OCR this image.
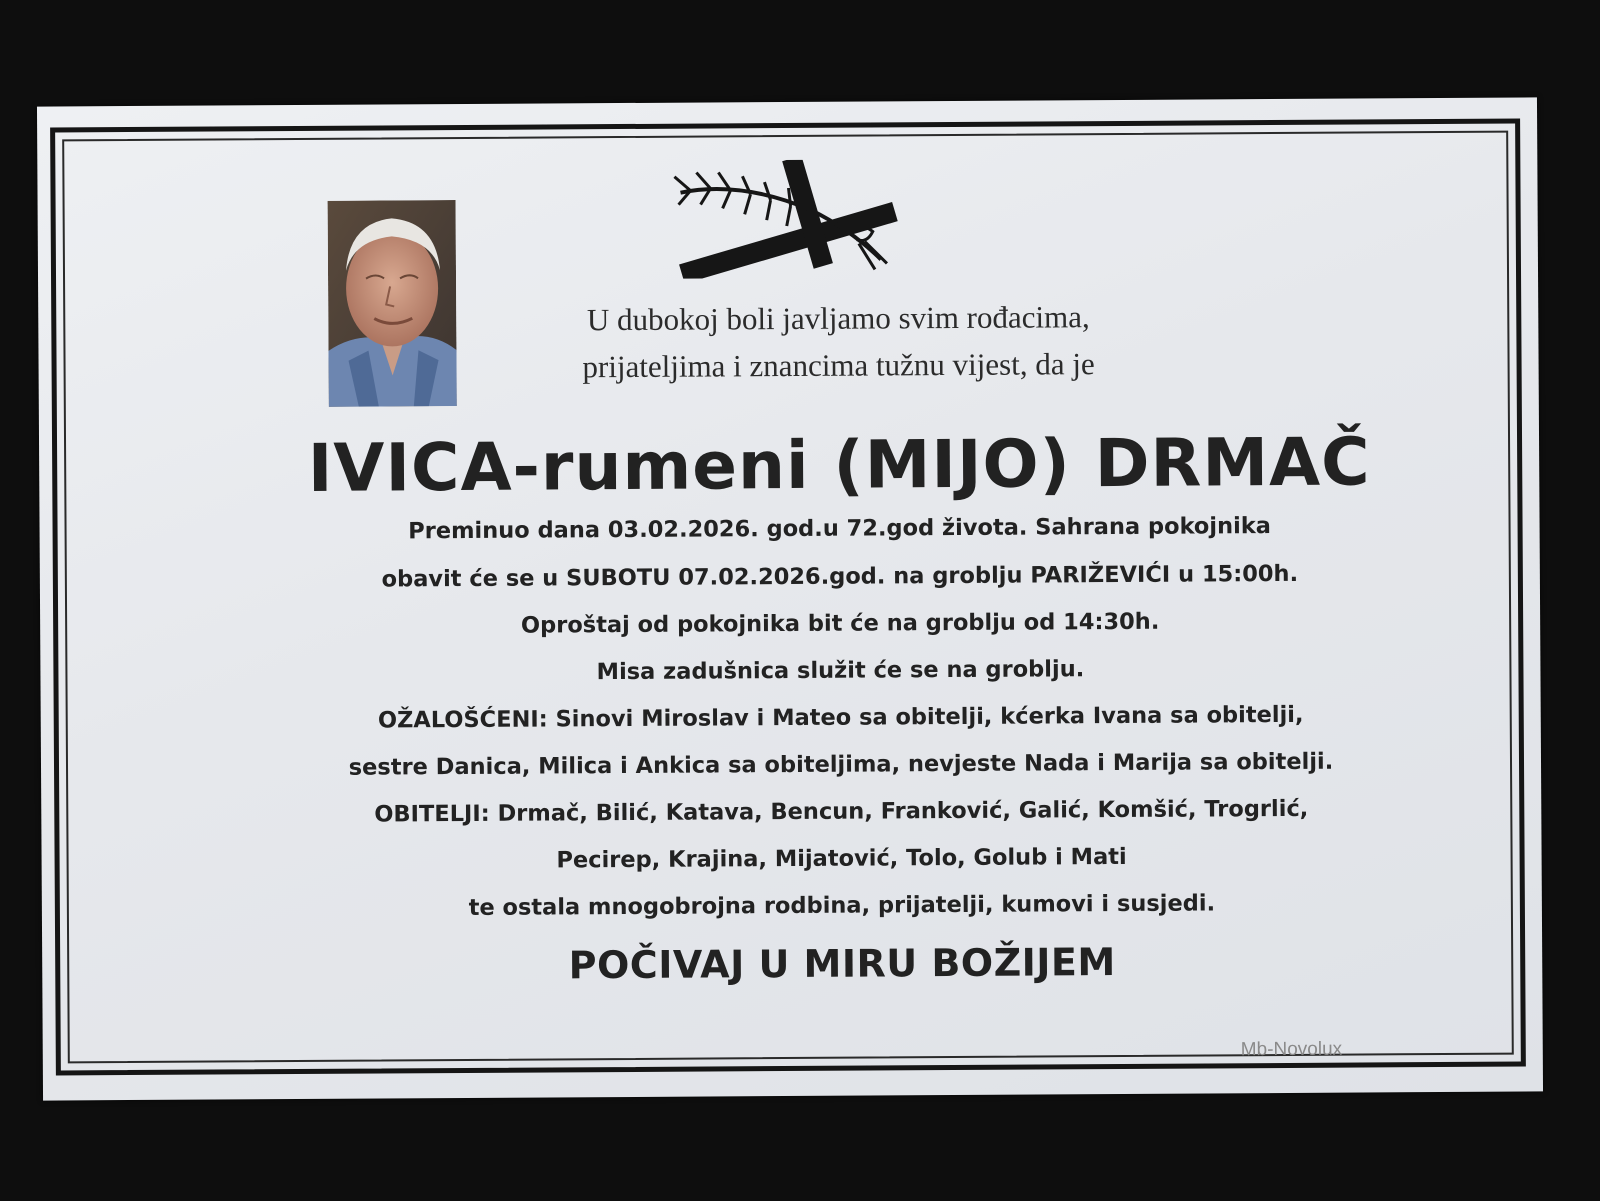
U dubokoj boli javljamo svim rođacima,
prijateljima i znancima tužnu vijest, da je
IVICA-rumeni (MIJO) DRMAČ
Preminuo dana 03.02.2026. god.u 72.god života. Sahrana pokojnika
obavit će se u SUBOTU 07.02.2026.god. na groblju PARIŽEVIĆI u 15:00h.
Oproštaj od pokojnika bit će na groblju od 14:30h.
Misa zadušnica služit će se na groblju.
OŽALOŠĆENI: Sinovi Miroslav i Mateo sa obitelji, kćerka Ivana sa obitelji,
sestre Danica, Milica i Ankica sa obiteljima, nevjeste Nada i Marija sa obitelji.
OBITELJI: Drmač, Bilić, Katava, Bencun, Franković, Galić, Komšić, Trogrlić,
Pecirep, Krajina, Mijatović, Tolo, Golub i Mati
te ostala mnogobrojna rodbina, prijatelji, kumovi i susjedi.
POČIVAJ U MIRU BOŽIJEM
Mb-Novolux
